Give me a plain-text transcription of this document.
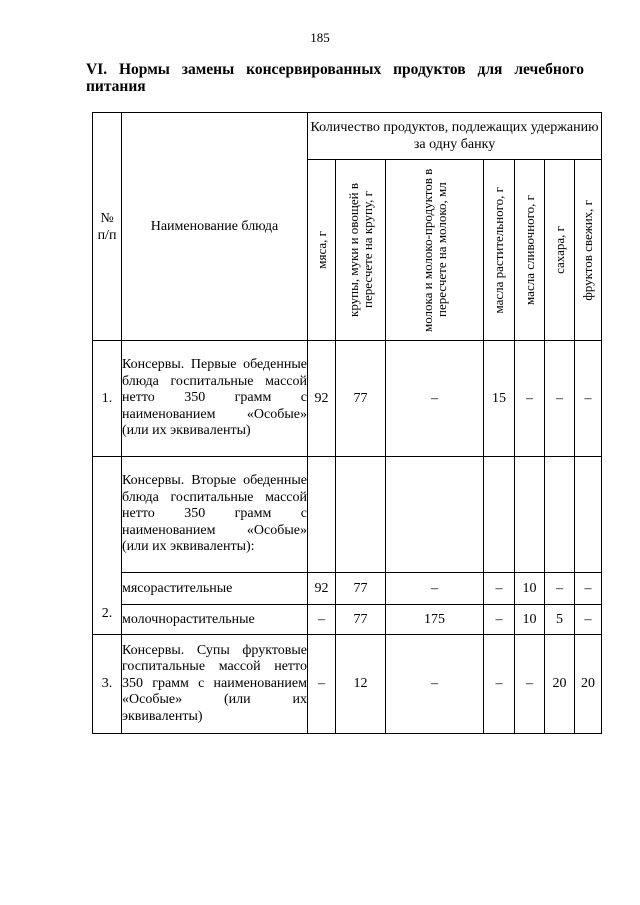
185
VI. Нормы замены консервированных продуктов для лечебного питания
№ п/п	Наименование блюда	Количество продуктов, подлежащих удержанию за одну банку						

		мяса, г	крупы, муки и овощей в пересчете на крупу, г	молока и молоко-продуктов в пересчете на молоко, мл	масла растительного, г	масла сливочного, г	сахара, г	фруктов свежих, г

1.	Консервы. Первые обеденные блюда госпитальные массой нетто 350 грамм с наименованием «Особые» (или их эквиваленты)	92	77	–	15	–	–	–
2.	Консервы. Вторые обеденные блюда госпитальные массой нетто 350 грамм с наименованием «Особые» (или их эквиваленты):							
	мясорастительные	92	77	–	–	10	–	–
	молочнорастительные	–	77	175	–	10	5	–
3.	Консервы. Супы фруктовые госпитальные массой нетто 350 грамм с наименованием «Особые» (или их эквиваленты)	–	12	–	–	–	20	20
